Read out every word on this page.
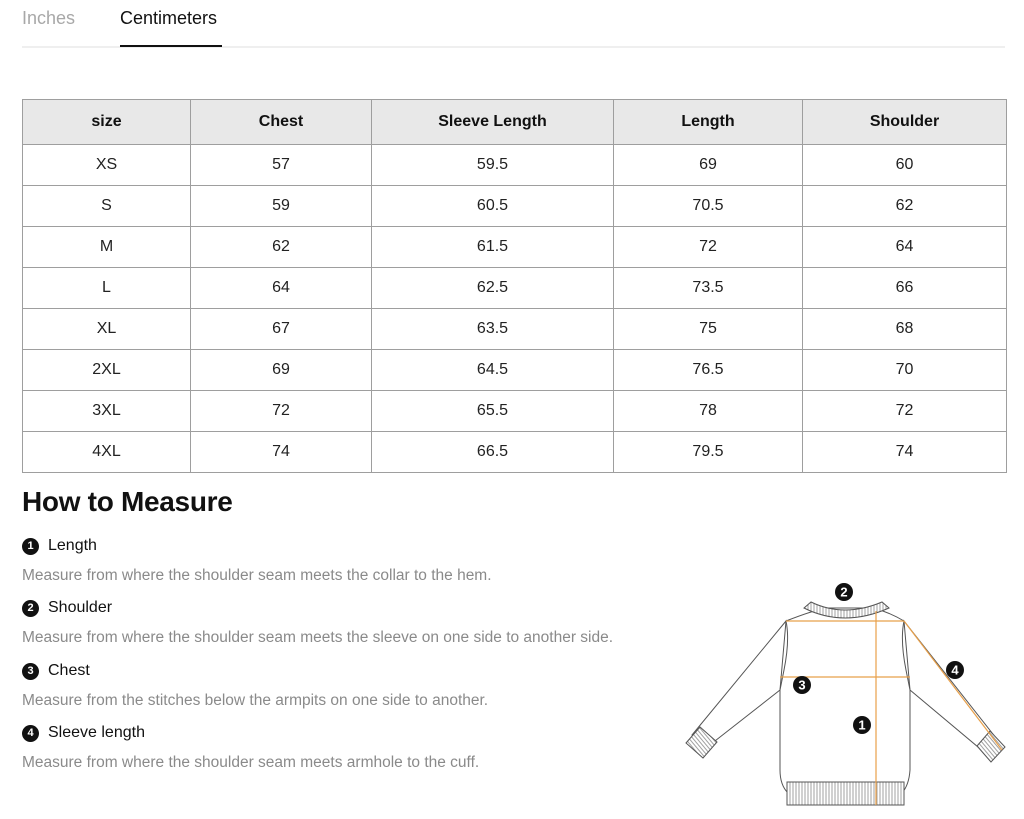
Inches Centimeters
size	Chest	Sleeve Length	Length	Shoulder
XS	57	59.5	69	60
S	59	60.5	70.5	62
M	62	61.5	72	64
L	64	62.5	73.5	66
XL	67	63.5	75	68
2XL	69	64.5	76.5	70
3XL	72	65.5	78	72
4XL	74	66.5	79.5	74
How to Measure
1 Length
Measure from where the shoulder seam meets the collar to the hem.
2 Shoulder
Measure from where the shoulder seam meets the sleeve on one side to another side.
3 Chest
Measure from the stitches below the armpits on one side to another.
4 Sleeve length
Measure from where the shoulder seam meets armhole to the cuff.
2
3
4
1
